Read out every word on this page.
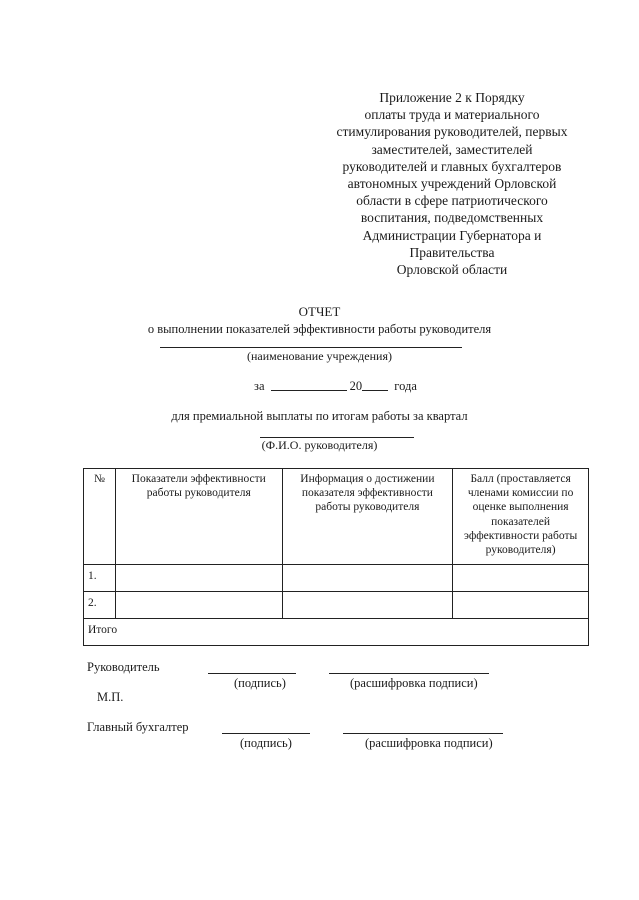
Приложение 2 к Порядку
оплаты труда и материального
стимулирования руководителей, первых
заместителей, заместителей
руководителей и главных бухгалтеров
автономных учреждений Орловской
области в сфере патриотического
воспитания, подведомственных
Администрации Губернатора и
Правительства
Орловской области
ОТЧЕТ
о выполнении показателей эффективности работы руководителя
(наименование учреждения)
за	20	года
для премиальной выплаты по итогам работы за квартал
(Ф.И.О. руководителя)
№	Показатели эффективности работы руководителя	Информация о достижении показателя эффективности работы руководителя	Балл (проставляется членами комиссии по оценке выполнения показателей эффективности работы руководителя)
1.			
2.			
Итого			
Руководитель
(подпись)	(расшифровка подписи)
М.П.
Главный бухгалтер
(подпись)	(расшифровка подписи)
